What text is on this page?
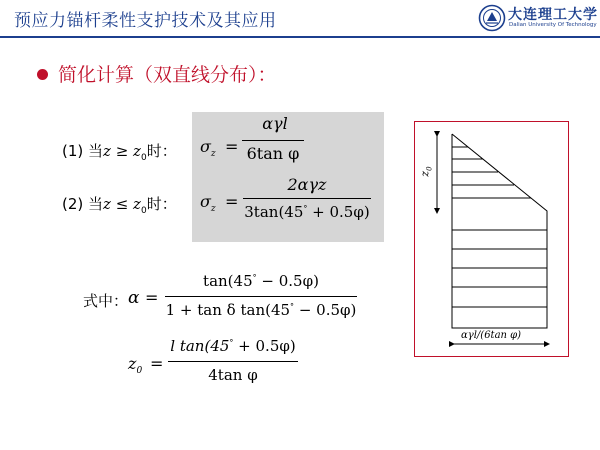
预应力锚杆柔性支护技术及其应用	大连理工大学
Dalian University Of Technology
简化计算（双直线分布）：
(1) 当$z \ge z_0$时： $\sigma_z$ =
αγl
6tan φ
(2) 当$z \le z_0$时： $\sigma_z$ =
2αγz
3tan(45° + 0.5φ)
式中： α =
tan(45° − 0.5φ)
1 + tan δ tan(45° − 0.5φ)
$z_0$ =
l tan(45° + 0.5φ)
4tan φ
$z_0$
αγl/(6tan φ)
